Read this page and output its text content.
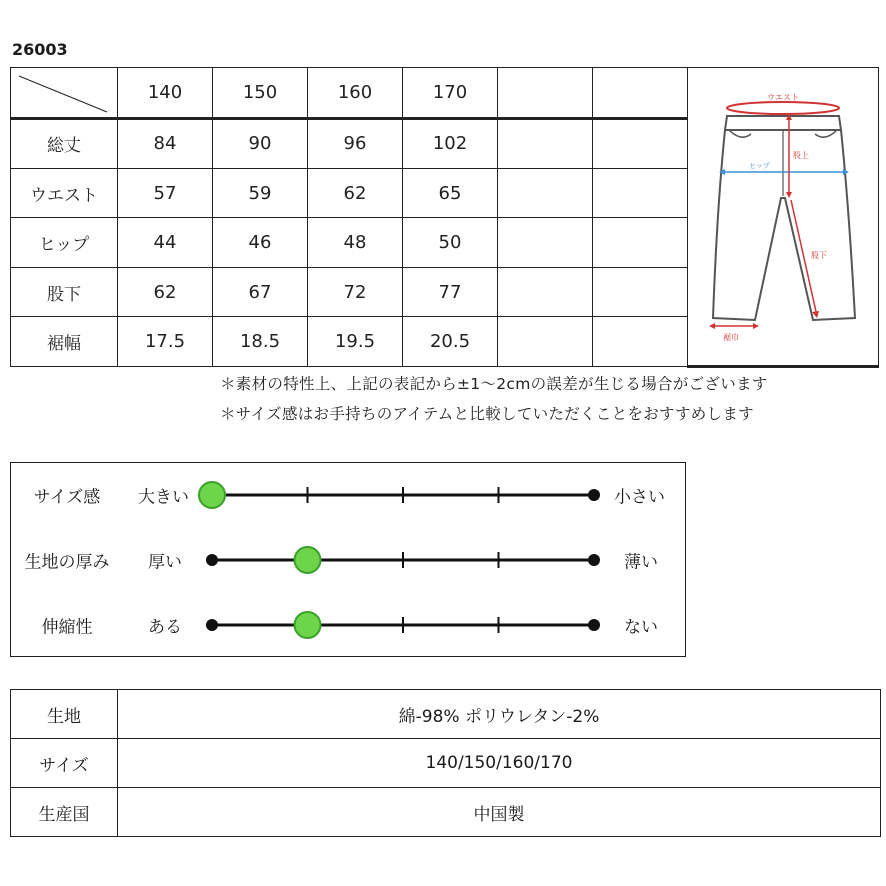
26003
	140	150	160	170			ウエスト
ヒップ
股上
股下
裾巾

総丈	84	90	96	102			
ウエスト	57	59	62	65			
ヒップ	44	46	48	50			
股下	62	67	72	77			
裾幅	17.5	18.5	19.5	20.5			
＊素材の特性上、上記の表記から±1〜2cmの誤差が生じる場合がございます
＊サイズ感はお手持ちのアイテムと比較していただくことをおすすめします
サイズ感	大きい	小さい
生地の厚み	厚い	薄い
伸縮性	ある	ない
生地	綿-98% ポリウレタン-2%
サイズ	140/150/160/170
生産国	中国製
